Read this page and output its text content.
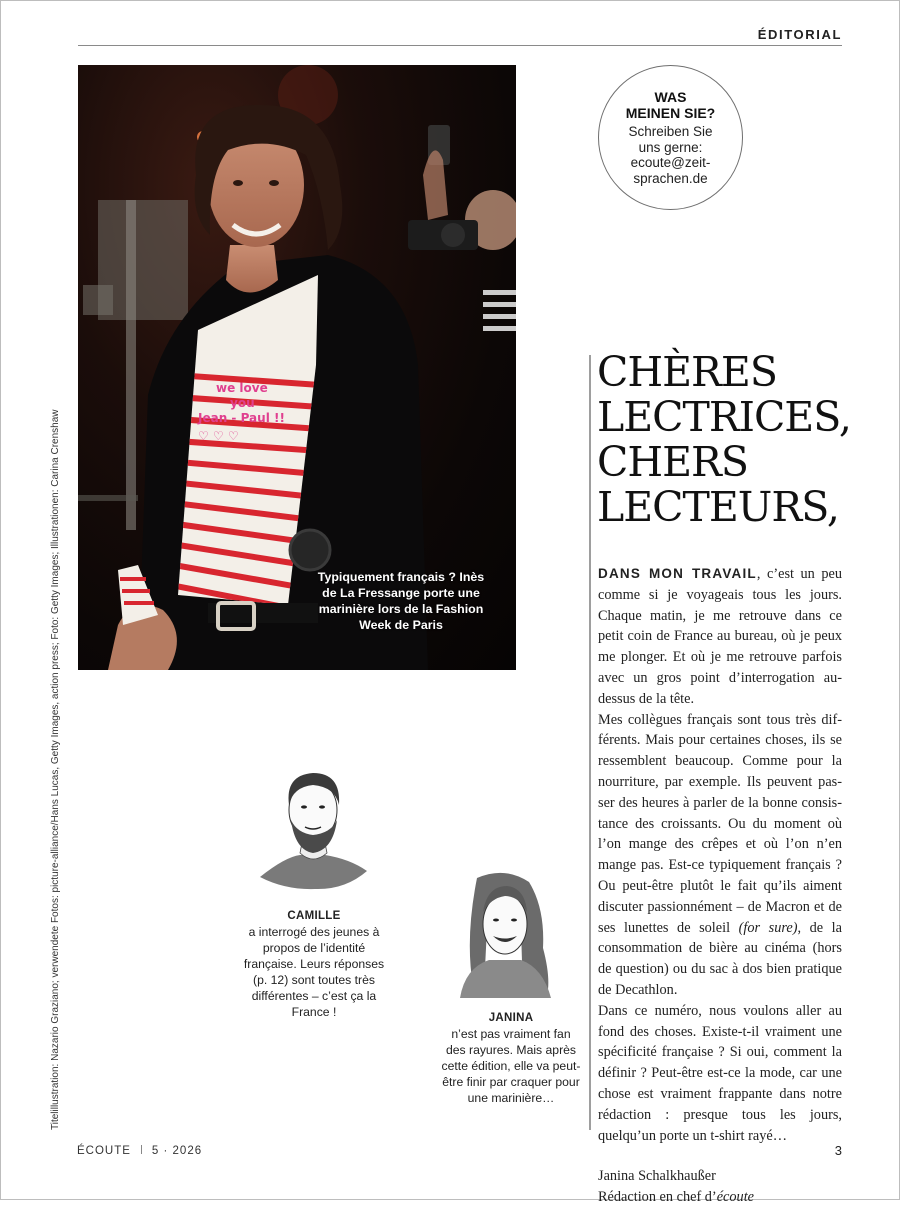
ÉDITORIAL
we love
you
Jean - Paul !!
♡ ♡ ♡
Typiquement français ? Inès de La Fressange porte une marinière lors de la Fashion Week de Paris
WAS
MEINEN SIE?
Schreiben Sie
uns gerne:
ecoute@zeit-
sprachen.de
CHÈRES
LECTRICES,
CHERS
LECTEURS,

DANS MON TRAVAIL, c’est un peu comme si je voyageais tous les jours. Chaque matin, je me retrouve dans ce petit coin de France au bureau, où je peux me plonger. Et où je me retrouve parfois avec un gros point d’interrogation au-dessus de la tête.

Mes collègues français sont tous très différents. Mais pour certaines choses, ils se ressemblent beaucoup. Comme pour la nourriture, par exemple. Ils peuvent passer des heures à parler de la bonne consistance des croissants. Ou du moment où l’on mange des crêpes et où l’on n’en mange pas. Est-ce typiquement français ? Ou peut-être plutôt le fait qu’ils aiment discuter passionnément – de Macron et de ses lunettes de soleil (for sure), de la consommation de bière au cinéma (hors de question) ou du sac à dos bien pratique de Decathlon.

Dans ce numéro, nous voulons aller au fond des choses. Existe-t-il vraiment une spécificité française ? Si oui, comment la définir ? Peut-être est-ce la mode, car une chose est vraiment frappante dans notre rédaction : presque tous les jours, quelqu’un porte un t-shirt rayé…

Janina Schalkhaußer
Rédaction en chef d’écoute

Titelillustration: Nazario Graziano; verwendete Fotos: picture-alliance/Hans Lucas, Getty Images, action press; Foto: Getty Images; Illustrationen: Carina Crenshaw	CAMILLE
a interrogé des jeunes à propos de l’identité française. Leurs réponses (p. 12) sont toutes très différentes – c’est ça la France !	JANINA
n’est pas vraiment fan des rayures. Mais après cette édition, elle va peut-être finir par craquer pour une marinière…
ÉCOUTE 5 · 2026	3
